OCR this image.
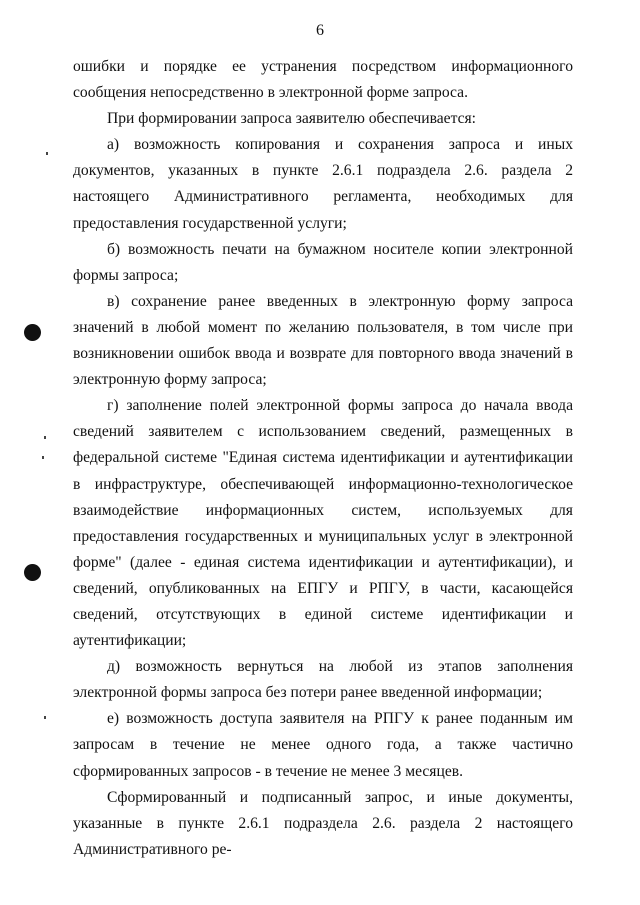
6

ошибки и порядке ее устранения посредством информационного сообщения непосредственно в электронной форме запроса.

При формировании запроса заявителю обеспечивается:

а) возможность копирования и сохранения запроса и иных документов, указанных в пункте 2.6.1 подраздела 2.6. раздела 2 настоящего Административного регламента, необходимых для предоставления государственной услуги;

б) возможность печати на бумажном носителе копии электронной формы запроса;

в) сохранение ранее введенных в электронную форму запроса значений в любой момент по желанию пользователя, в том числе при возникновении ошибок ввода и возврате для повторного ввода значений в электронную форму запроса;

г) заполнение полей электронной формы запроса до начала ввода сведений заявителем с использованием сведений, размещенных в федеральной системе "Единая система идентификации и аутентификации в инфраструктуре, обеспечивающей информационно-технологическое взаимодействие информационных систем, используемых для предоставления государственных и муниципальных услуг в электронной форме" (далее - единая система идентификации и аутентификации), и сведений, опубликованных на ЕПГУ и РПГУ, в части, касающейся сведений, отсутствующих в единой системе идентификации и аутентификации;

д) возможность вернуться на любой из этапов заполнения электронной формы запроса без потери ранее введенной информации;

е) возможность доступа заявителя на РПГУ к ранее поданным им запросам в течение не менее одного года, а также частично сформированных запросов - в течение не менее 3 месяцев.

Сформированный и подписанный запрос, и иные документы, указанные в пункте 2.6.1 подраздела 2.6. раздела 2 настоящего Административного ре-
